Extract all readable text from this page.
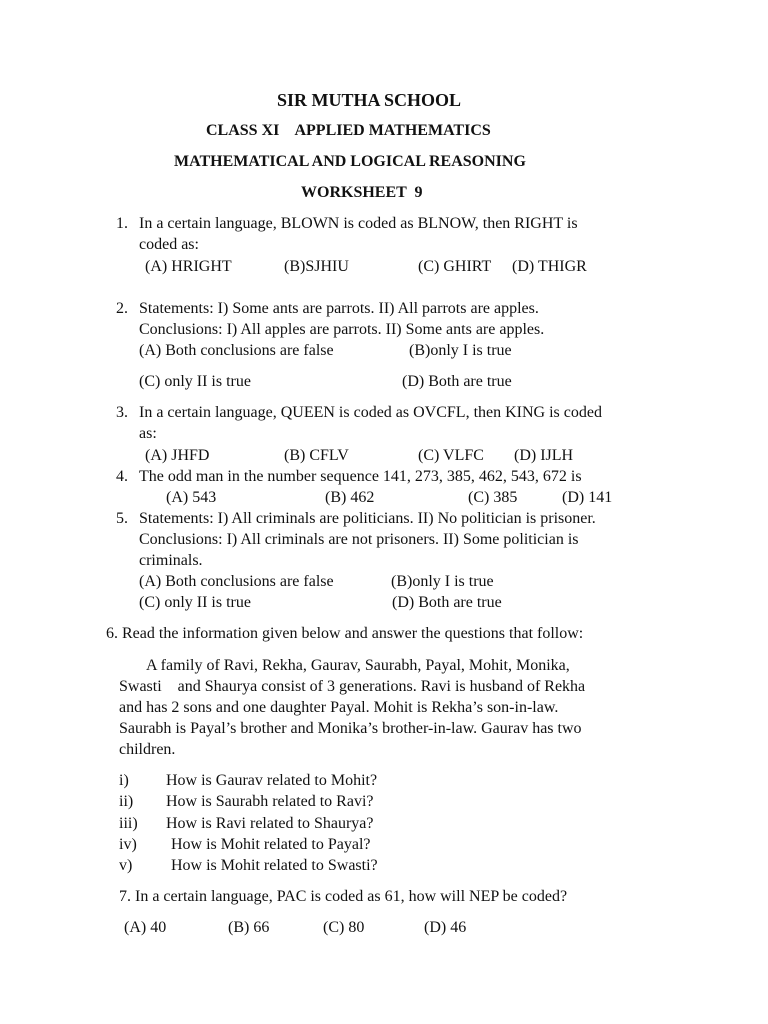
SIR MUTHA SCHOOL
CLASS XI    APPLIED MATHEMATICS
MATHEMATICAL AND LOGICAL REASONING
WORKSHEET  9
1. In a certain language, BLOWN is coded as BLNOW, then RIGHT is
coded as:
(A) HRIGHT	(B)SJHIU	(C) GHIRT (D) THIGR
2. Statements: I) Some ants are parrots. II) All parrots are apples.
Conclusions: I) All apples are parrots. II) Some ants are apples.
(A) Both conclusions are false	(B)only I is true
(C) only II is true	(D) Both are true
3. In a certain language, QUEEN is coded as OVCFL, then KING is coded
as:
(A) JHFD	(B) CFLV	(C) VLFC (D) IJLH
4. The odd man in the number sequence 141, 273, 385, 462, 543, 672 is
(A) 543	(B) 462	(C) 385	(D) 141
5. Statements: I) All criminals are politicians. II) No politician is prisoner.
Conclusions: I) All criminals are not prisoners. II) Some politician is
criminals.
(A) Both conclusions are false	(B)only I is true
(C) only II is true	(D) Both are true
6. Read the information given below and answer the questions that follow:
A family of Ravi, Rekha, Gaurav, Saurabh, Payal, Mohit, Monika,
Swasti    and Shaurya consist of 3 generations. Ravi is husband of Rekha
and has 2 sons and one daughter Payal. Mohit is Rekha’s son-in-law.
Saurabh is Payal’s brother and Monika’s brother-in-law. Gaurav has two
children.
i) How is Gaurav related to Mohit?
ii) How is Saurabh related to Ravi?
iii) How is Ravi related to Shaurya?
iv) How is Mohit related to Payal?
v) How is Mohit related to Swasti?
7. In a certain language, PAC is coded as 61, how will NEP be coded?
(A) 40	(B) 66	(C) 80	(D) 46
